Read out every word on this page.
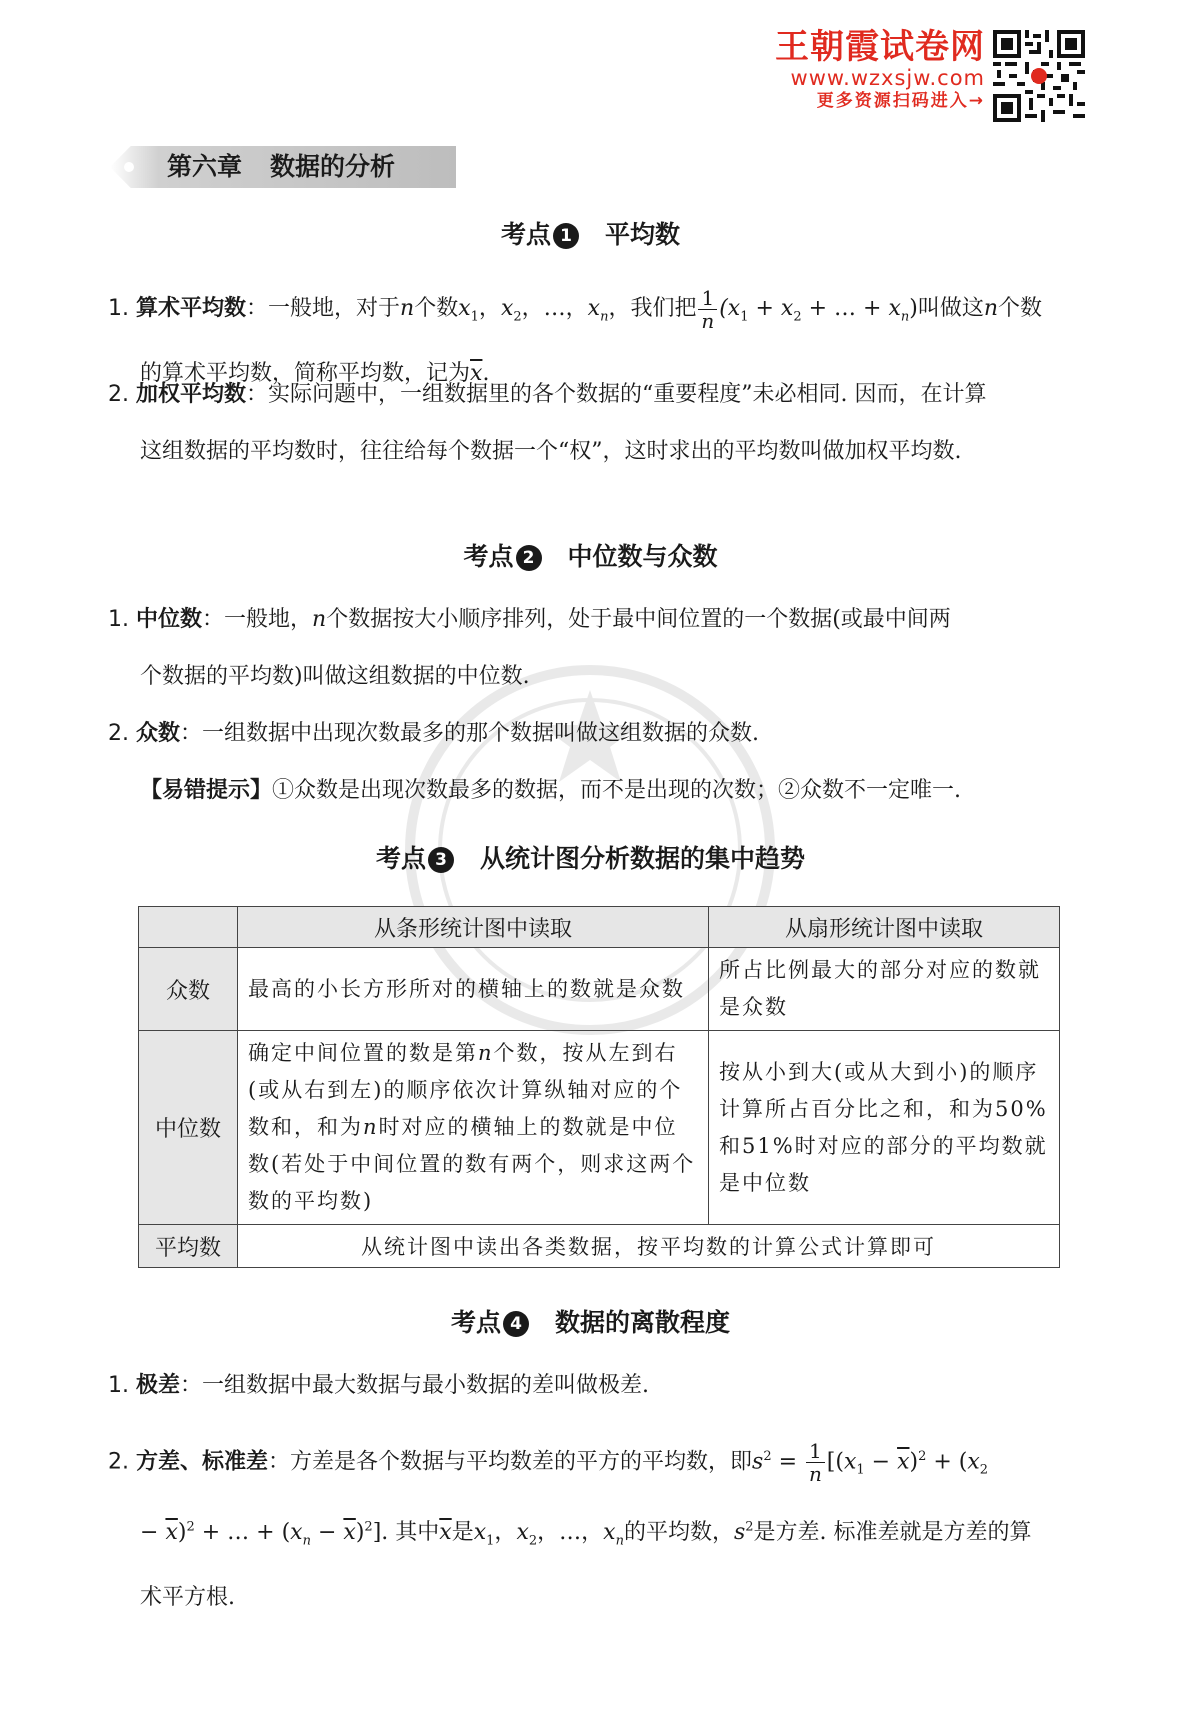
王朝霞试卷网
www.wzxsjw.com
更多资源扫码进入→
第六章 数据的分析
考点 1 平均数
1. 算术平均数：一般地，对于n个数$x_1$，$x_2$，…，$x_n$，我们把 $\frac{1}{n} (x_1 + x_2$ + … + $x_n$)叫做这n个数
的算术平均数，简称平均数，记为$\overline{x}$.
2. 加权平均数：实际问题中，一组数据里的各个数据的“重要程度”未必相同. 因而，在计算
这组数据的平均数时，往往给每个数据一个“权”，这时求出的平均数叫做加权平均数.
考点 2 中位数与众数
1. 中位数：一般地，n个数据按大小顺序排列，处于最中间位置的一个数据(或最中间两
个数据的平均数)叫做这组数据的中位数.
2. 众数：一组数据中出现次数最多的那个数据叫做这组数据的众数.
【易错提示】①众数是出现次数最多的数据，而不是出现的次数；②众数不一定唯一.
考点 3 从统计图分析数据的集中趋势
	从条形统计图中读取	从扇形统计图中读取
众数	最高的小长方形所对的横轴上的数就是众数	所占比例最大的部分对应的数就是众数
中位数	确定中间位置的数是第n个数，按从左到右(或从右到左)的顺序依次计算纵轴对应的个数和，和为n时对应的横轴上的数就是中位数(若处于中间位置的数有两个，则求这两个数的平均数)	按从小到大(或从大到小)的顺序计算所占百分比之和，和为50%和51%时对应的部分的平均数就是中位数
平均数	从统计图中读出各类数据，按平均数的计算公式计算即可	
考点 4 数据的离散程度
1. 极差：一组数据中最大数据与最小数据的差叫做极差.
2. 方差、标准差：方差是各个数据与平均数差的平方的平均数，即$s^2 = \frac{1}{n} [(x_1 - \overline{x})^2 + (x_2$
− $\overline{x})^2$ + … + $(x_n - \overline{x})^2$]. 其中$\overline{x}$是$x_1$，$x_2$，…，$x_n$的平均数，$s^2$是方差. 标准差就是方差的算
术平方根.
